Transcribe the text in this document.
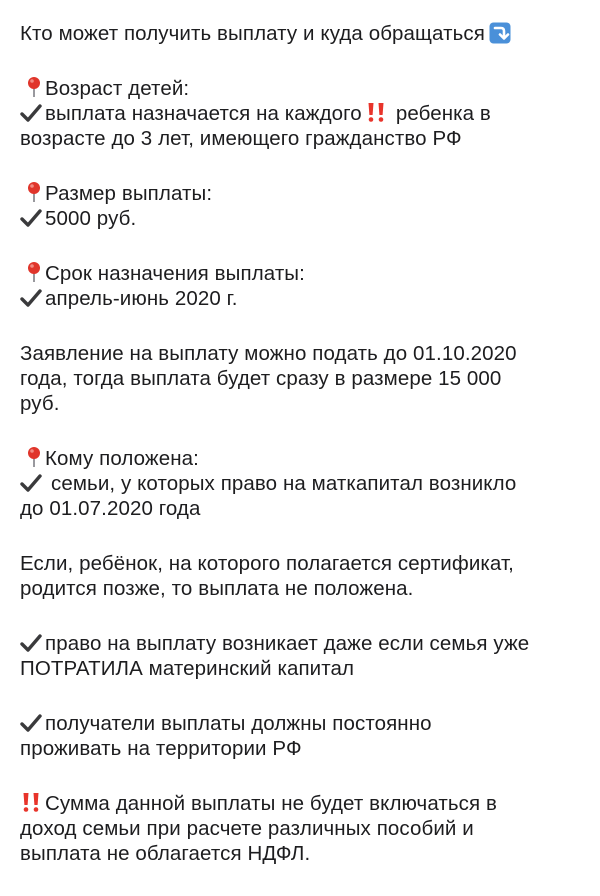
Кто может получить выплату и куда обращаться
Возраст детей:
выплата назначается на каждого ребенка в
возрасте до 3 лет, имеющего гражданство РФ
Размер выплаты:
5000 руб.
Срок назначения выплаты:
апрель-июнь 2020 г.
Заявление на выплату можно подать до 01.10.2020
года, тогда выплата будет сразу в размере 15 000
руб.
Кому положена:
семьи, у которых право на маткапитал возникло
до 01.07.2020 года
Если, ребёнок, на которого полагается сертификат,
родится позже, то выплата не положена.
право на выплату возникает даже если семья уже
ПОТРАТИЛА материнский капитал
получатели выплаты должны постоянно
проживать на территории РФ
Сумма данной выплаты не будет включаться в
доход семьи при расчете различных пособий и
выплата не облагается НДФЛ.
